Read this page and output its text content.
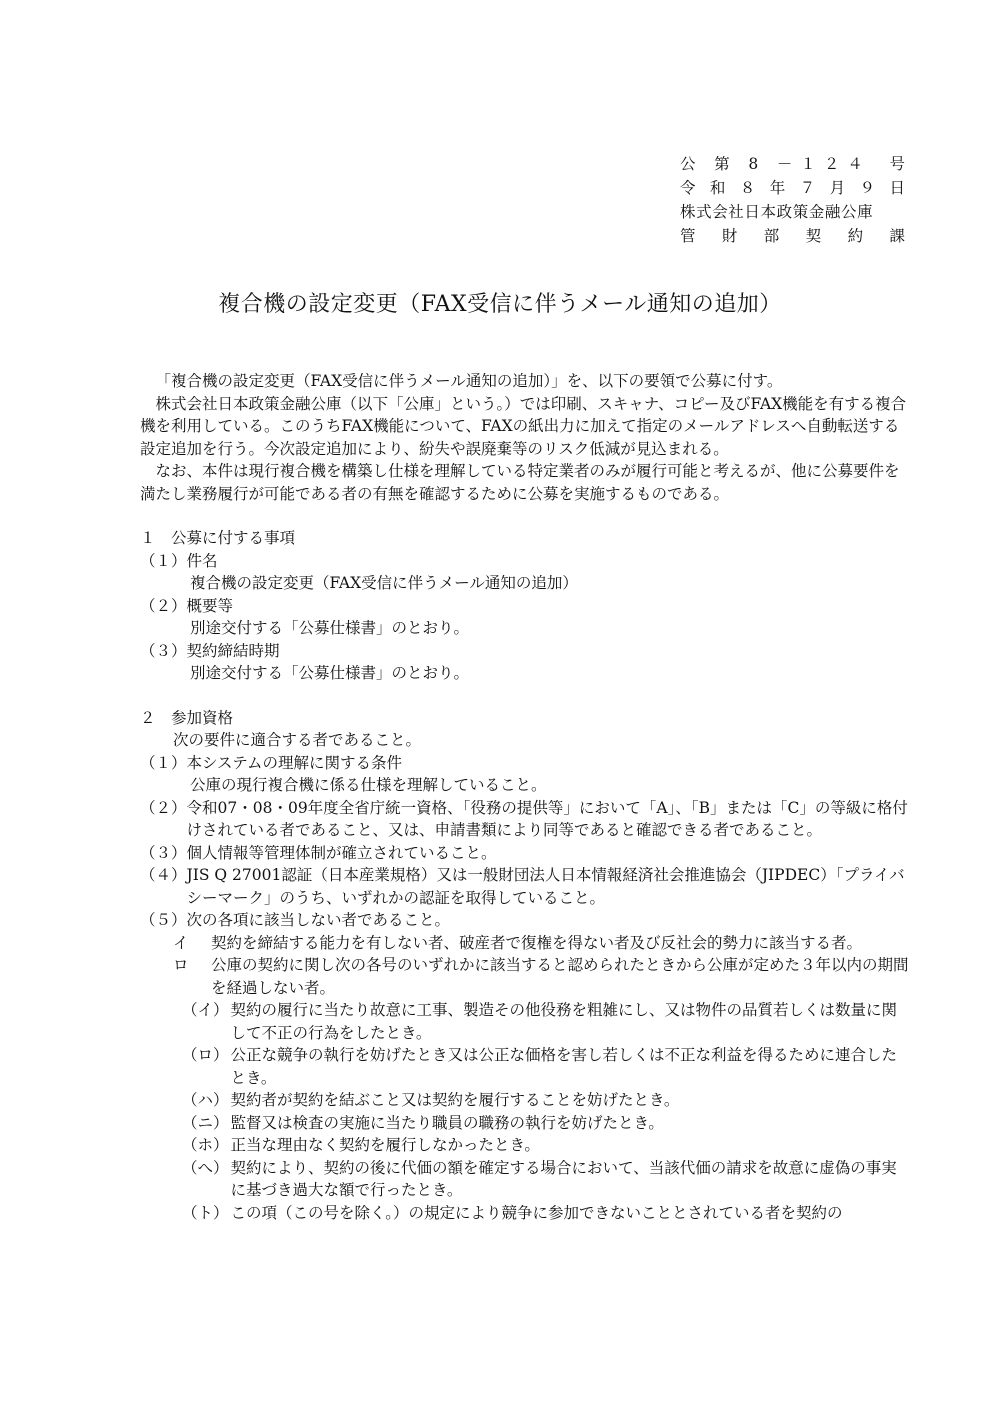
公 第 8 －１２４ 号
令 和 ８ 年 ７ 月 ９ 日
株式会社日本政策金融公庫
管 財 部 契 約 課
複合機の設定変更（FAX受信に伴うメール通知の追加）

「複合機の設定変更（FAX受信に伴うメール通知の追加）」を、以下の要領で公募に付す。

株式会社日本政策金融公庫（以下「公庫」という。）では印刷、スキャナ、コピー及びFAX機能を有する複合機を利用している。このうちFAX機能について、FAXの紙出力に加えて指定のメールアドレスへ自動転送する設定追加を行う。今次設定追加により、紛失や誤廃棄等のリスク低減が見込まれる。

なお、本件は現行複合機を構築し仕様を理解している特定業者のみが履行可能と考えるが、他に公募要件を満たし業務履行が可能である者の有無を確認するために公募を実施するものである。

１　公募に付する事項

（１） 件名

複合機の設定変更（FAX受信に伴うメール通知の追加）

（２） 概要等

別途交付する「公募仕様書」のとおり。

（３） 契約締結時期

別途交付する「公募仕様書」のとおり。

２　参加資格

次の要件に適合する者であること。

（１） 本システムの理解に関する条件

公庫の現行複合機に係る仕様を理解していること。

（２） 令和07・08・09年度全省庁統一資格、「役務の提供等」において「A」、「B」または「C」の等級に格付けされている者であること、又は、申請書類により同等であると確認できる者であること。
（３） 個人情報等管理体制が確立されていること。
（４） JIS Q 27001認証（日本産業規格）又は一般財団法人日本情報経済社会推進協会（JIPDEC）「プライバシーマーク」のうち、いずれかの認証を取得していること。
（５） 次の各項に該当しない者であること。
イ	契約を締結する能力を有しない者、破産者で復権を得ない者及び反社会的勢力に該当する者。
ロ	公庫の契約に関し次の各号のいずれかに該当すると認められたときから公庫が定めた３年以内の期間を経過しない者。
（イ） 契約の履行に当たり故意に工事、製造その他役務を粗雑にし、又は物件の品質若しくは数量に関して不正の行為をしたとき。
（ロ） 公正な競争の執行を妨げたとき又は公正な価格を害し若しくは不正な利益を得るために連合したとき。
（ハ） 契約者が契約を結ぶこと又は契約を履行することを妨げたとき。
（ニ） 監督又は検査の実施に当たり職員の職務の執行を妨げたとき。
（ホ） 正当な理由なく契約を履行しなかったとき。
（へ） 契約により、契約の後に代価の額を確定する場合において、当該代価の請求を故意に虚偽の事実に基づき過大な額で行ったとき。
（ト） この項（この号を除く。）の規定により競争に参加できないこととされている者を契約の
